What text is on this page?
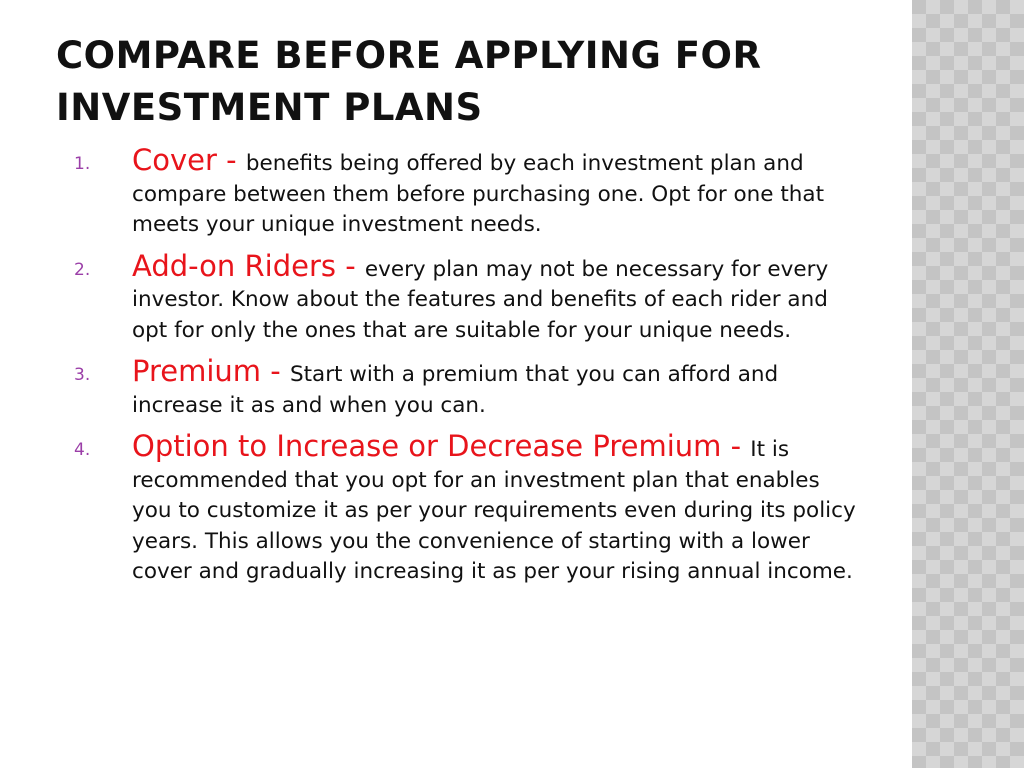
COMPARE BEFORE APPLYING FOR INVESTMENT PLANS
1. Cover - benefits being offered by each investment plan and compare between them before purchasing one. Opt for one that meets your unique investment needs.
2. Add-on Riders - every plan may not be necessary for every investor. Know about the features and benefits of each rider and opt for only the ones that are suitable for your unique needs.
3. Premium - Start with a premium that you can afford and increase it as and when you can.
4. Option to Increase or Decrease Premium - It is recommended that you opt for an investment plan that enables you to customize it as per your requirements even during its policy years. This allows you the convenience of starting with a lower cover and gradually increasing it as per your rising annual income.
